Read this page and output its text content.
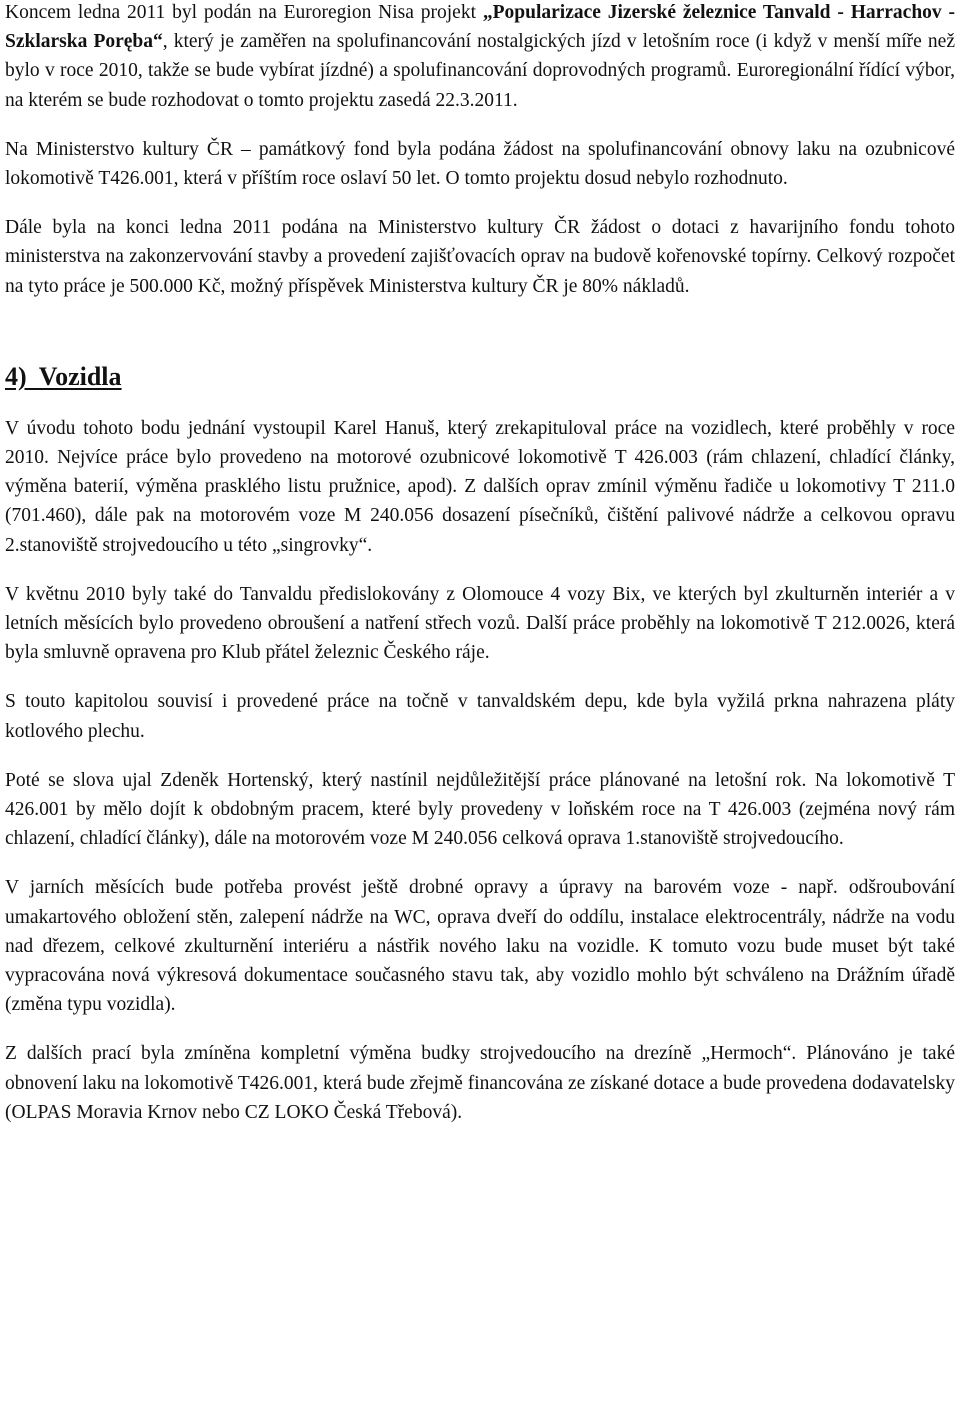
Koncem ledna 2011 byl podán na Euroregion Nisa projekt „Popularizace Jizerské železnice Tanvald - Harrachov - Szklarska Poręba“, který je zaměřen na spolufinancování nostalgických jízd v letošním roce (i když v menší míře než bylo v roce 2010, takže se bude vybírat jízdné) a spolufinancování doprovodných programů. Euroregionální řídící výbor, na kterém se bude rozhodovat o tomto projektu zasedá 22.3.2011.

Na Ministerstvo kultury ČR – památkový fond byla podána žádost na spolufinancování obnovy laku na ozubnicové lokomotivě T426.001, která v příštím roce oslaví 50 let. O tomto projektu dosud nebylo rozhodnuto.

Dále byla na konci ledna 2011 podána na Ministerstvo kultury ČR žádost o dotaci z havarijního fondu tohoto ministerstva na zakonzervování stavby a provedení zajišťovacích oprav na budově kořenovské topírny. Celkový rozpočet na tyto práce je 500.000 Kč, možný příspěvek Ministerstva kultury ČR je 80% nákladů.

4) Vozidla

V úvodu tohoto bodu jednání vystoupil Karel Hanuš, který zrekapituloval práce na vozidlech, které proběhly v roce 2010. Nejvíce práce bylo provedeno na motorové ozubnicové lokomotivě T 426.003 (rám chlazení, chladící články, výměna baterií, výměna prasklého listu pružnice, apod). Z dalších oprav zmínil výměnu řadiče u lokomotivy T 211.0 (701.460), dále pak na motorovém voze M 240.056 dosazení písečníků, čištění palivové nádrže a celkovou opravu 2.stanoviště strojvedoucího u této „singrovky“.

V květnu 2010 byly také do Tanvaldu předislokovány z Olomouce 4 vozy Bix, ve kterých byl zkulturněn interiér a v letních měsících bylo provedeno obroušení a natření střech vozů. Další práce proběhly na lokomotivě T 212.0026, která byla smluvně opravena pro Klub přátel železnic Českého ráje.

S touto kapitolou souvisí i provedené práce na točně v tanvaldském depu, kde byla vyžilá prkna nahrazena pláty kotlového plechu.

Poté se slova ujal Zdeněk Hortenský, který nastínil nejdůležitější práce plánované na letošní rok. Na lokomotivě T 426.001 by mělo dojít k obdobným pracem, které byly provedeny v loňském roce na T 426.003 (zejména nový rám chlazení, chladící články), dále na motorovém voze M 240.056 celková oprava 1.stanoviště strojvedoucího.

V jarních měsících bude potřeba provést ještě drobné opravy a úpravy na barovém voze - např. odšroubování umakartového obložení stěn, zalepení nádrže na WC, oprava dveří do oddílu, instalace elektrocentrály, nádrže na vodu nad dřezem, celkové zkulturnění interiéru a nástřik nového laku na vozidle. K tomuto vozu bude muset být také vypracována nová výkresová dokumentace současného stavu tak, aby vozidlo mohlo být schváleno na Drážním úřadě (změna typu vozidla).

Z dalších prací byla zmíněna kompletní výměna budky strojvedoucího na drezíně „Hermoch“. Plánováno je také obnovení laku na lokomotivě T426.001, která bude zřejmě financována ze získané dotace a bude provedena dodavatelsky (OLPAS Moravia Krnov nebo CZ LOKO Česká Třebová).
